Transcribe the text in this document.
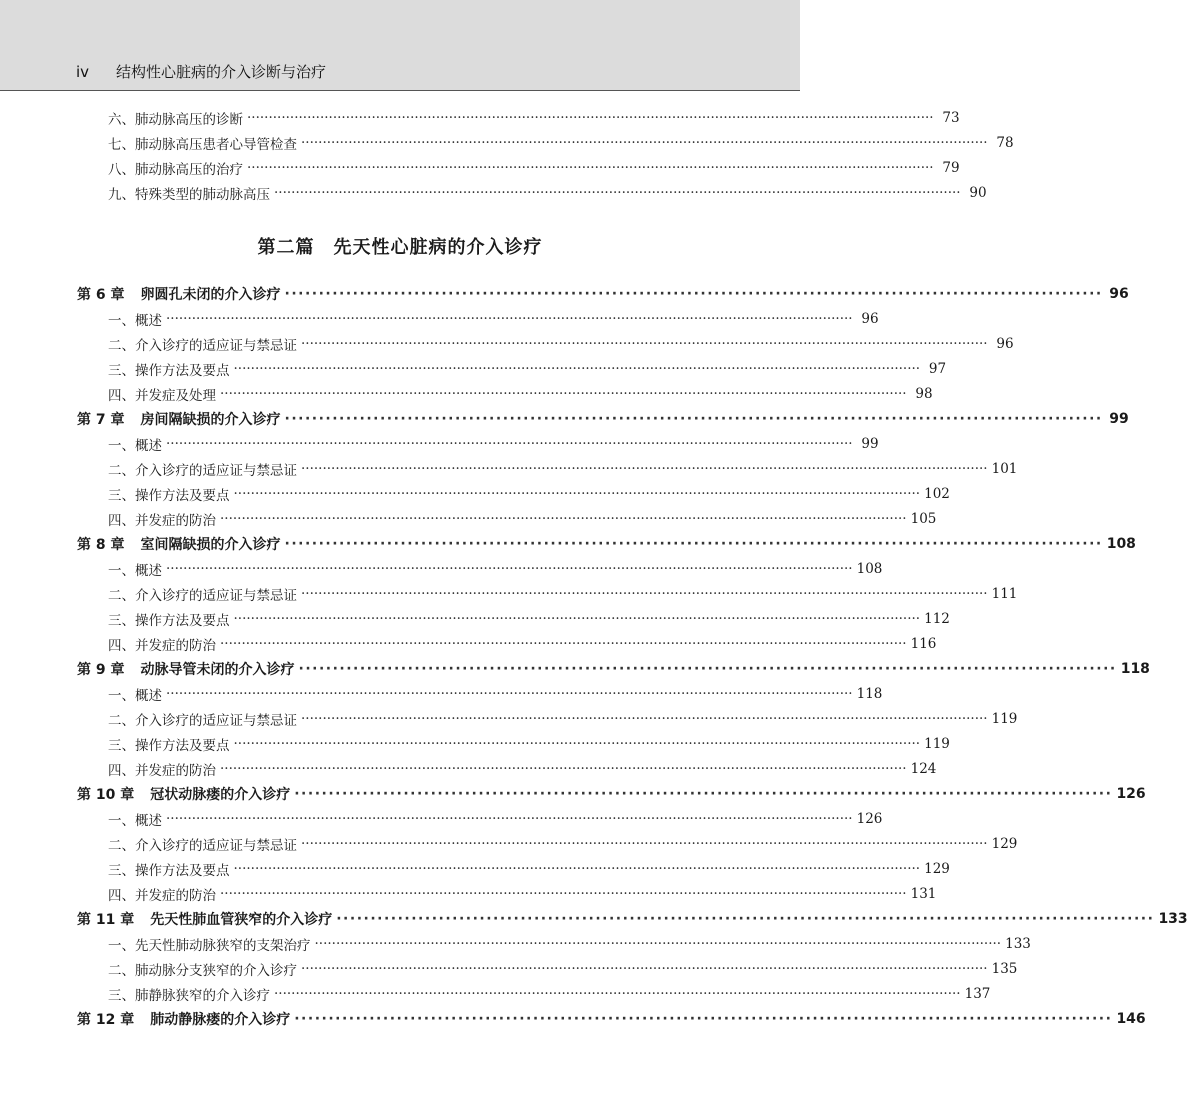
iv 结构性心脏病的介入诊断与治疗
第二篇　先天性心脏病的介入诊疗
六、肺动脉高压的诊断 ································································································································································ 73
七、肺动脉高压患者心导管检查 ································································································································································ 78
八、肺动脉高压的治疗 ································································································································································ 79
九、特殊类型的肺动脉高压 ································································································································································ 90
第 6 章 卵圆孔未闭的介入诊疗 ························································································································ 96
一、概述 ································································································································································ 96
二、介入诊疗的适应证与禁忌证 ································································································································································ 96
三、操作方法及要点 ································································································································································ 97
四、并发症及处理 ································································································································································ 98
第 7 章 房间隔缺损的介入诊疗 ························································································································ 99
一、概述 ································································································································································ 99
二、介入诊疗的适应证与禁忌证 ································································································································································ 101
三、操作方法及要点 ································································································································································ 102
四、并发症的防治 ································································································································································ 105
第 8 章 室间隔缺损的介入诊疗 ························································································································ 108
一、概述 ································································································································································ 108
二、介入诊疗的适应证与禁忌证 ································································································································································ 111
三、操作方法及要点 ································································································································································ 112
四、并发症的防治 ································································································································································ 116
第 9 章 动脉导管未闭的介入诊疗 ························································································································ 118
一、概述 ································································································································································ 118
二、介入诊疗的适应证与禁忌证 ································································································································································ 119
三、操作方法及要点 ································································································································································ 119
四、并发症的防治 ································································································································································ 124
第 10 章 冠状动脉瘘的介入诊疗 ························································································································ 126
一、概述 ································································································································································ 126
二、介入诊疗的适应证与禁忌证 ································································································································································ 129
三、操作方法及要点 ································································································································································ 129
四、并发症的防治 ································································································································································ 131
第 11 章 先天性肺血管狭窄的介入诊疗 ························································································································ 133
一、先天性肺动脉狭窄的支架治疗 ································································································································································ 133
二、肺动脉分支狭窄的介入诊疗 ································································································································································ 135
三、肺静脉狭窄的介入诊疗 ································································································································································ 137
第 12 章 肺动静脉瘘的介入诊疗 ························································································································ 146
